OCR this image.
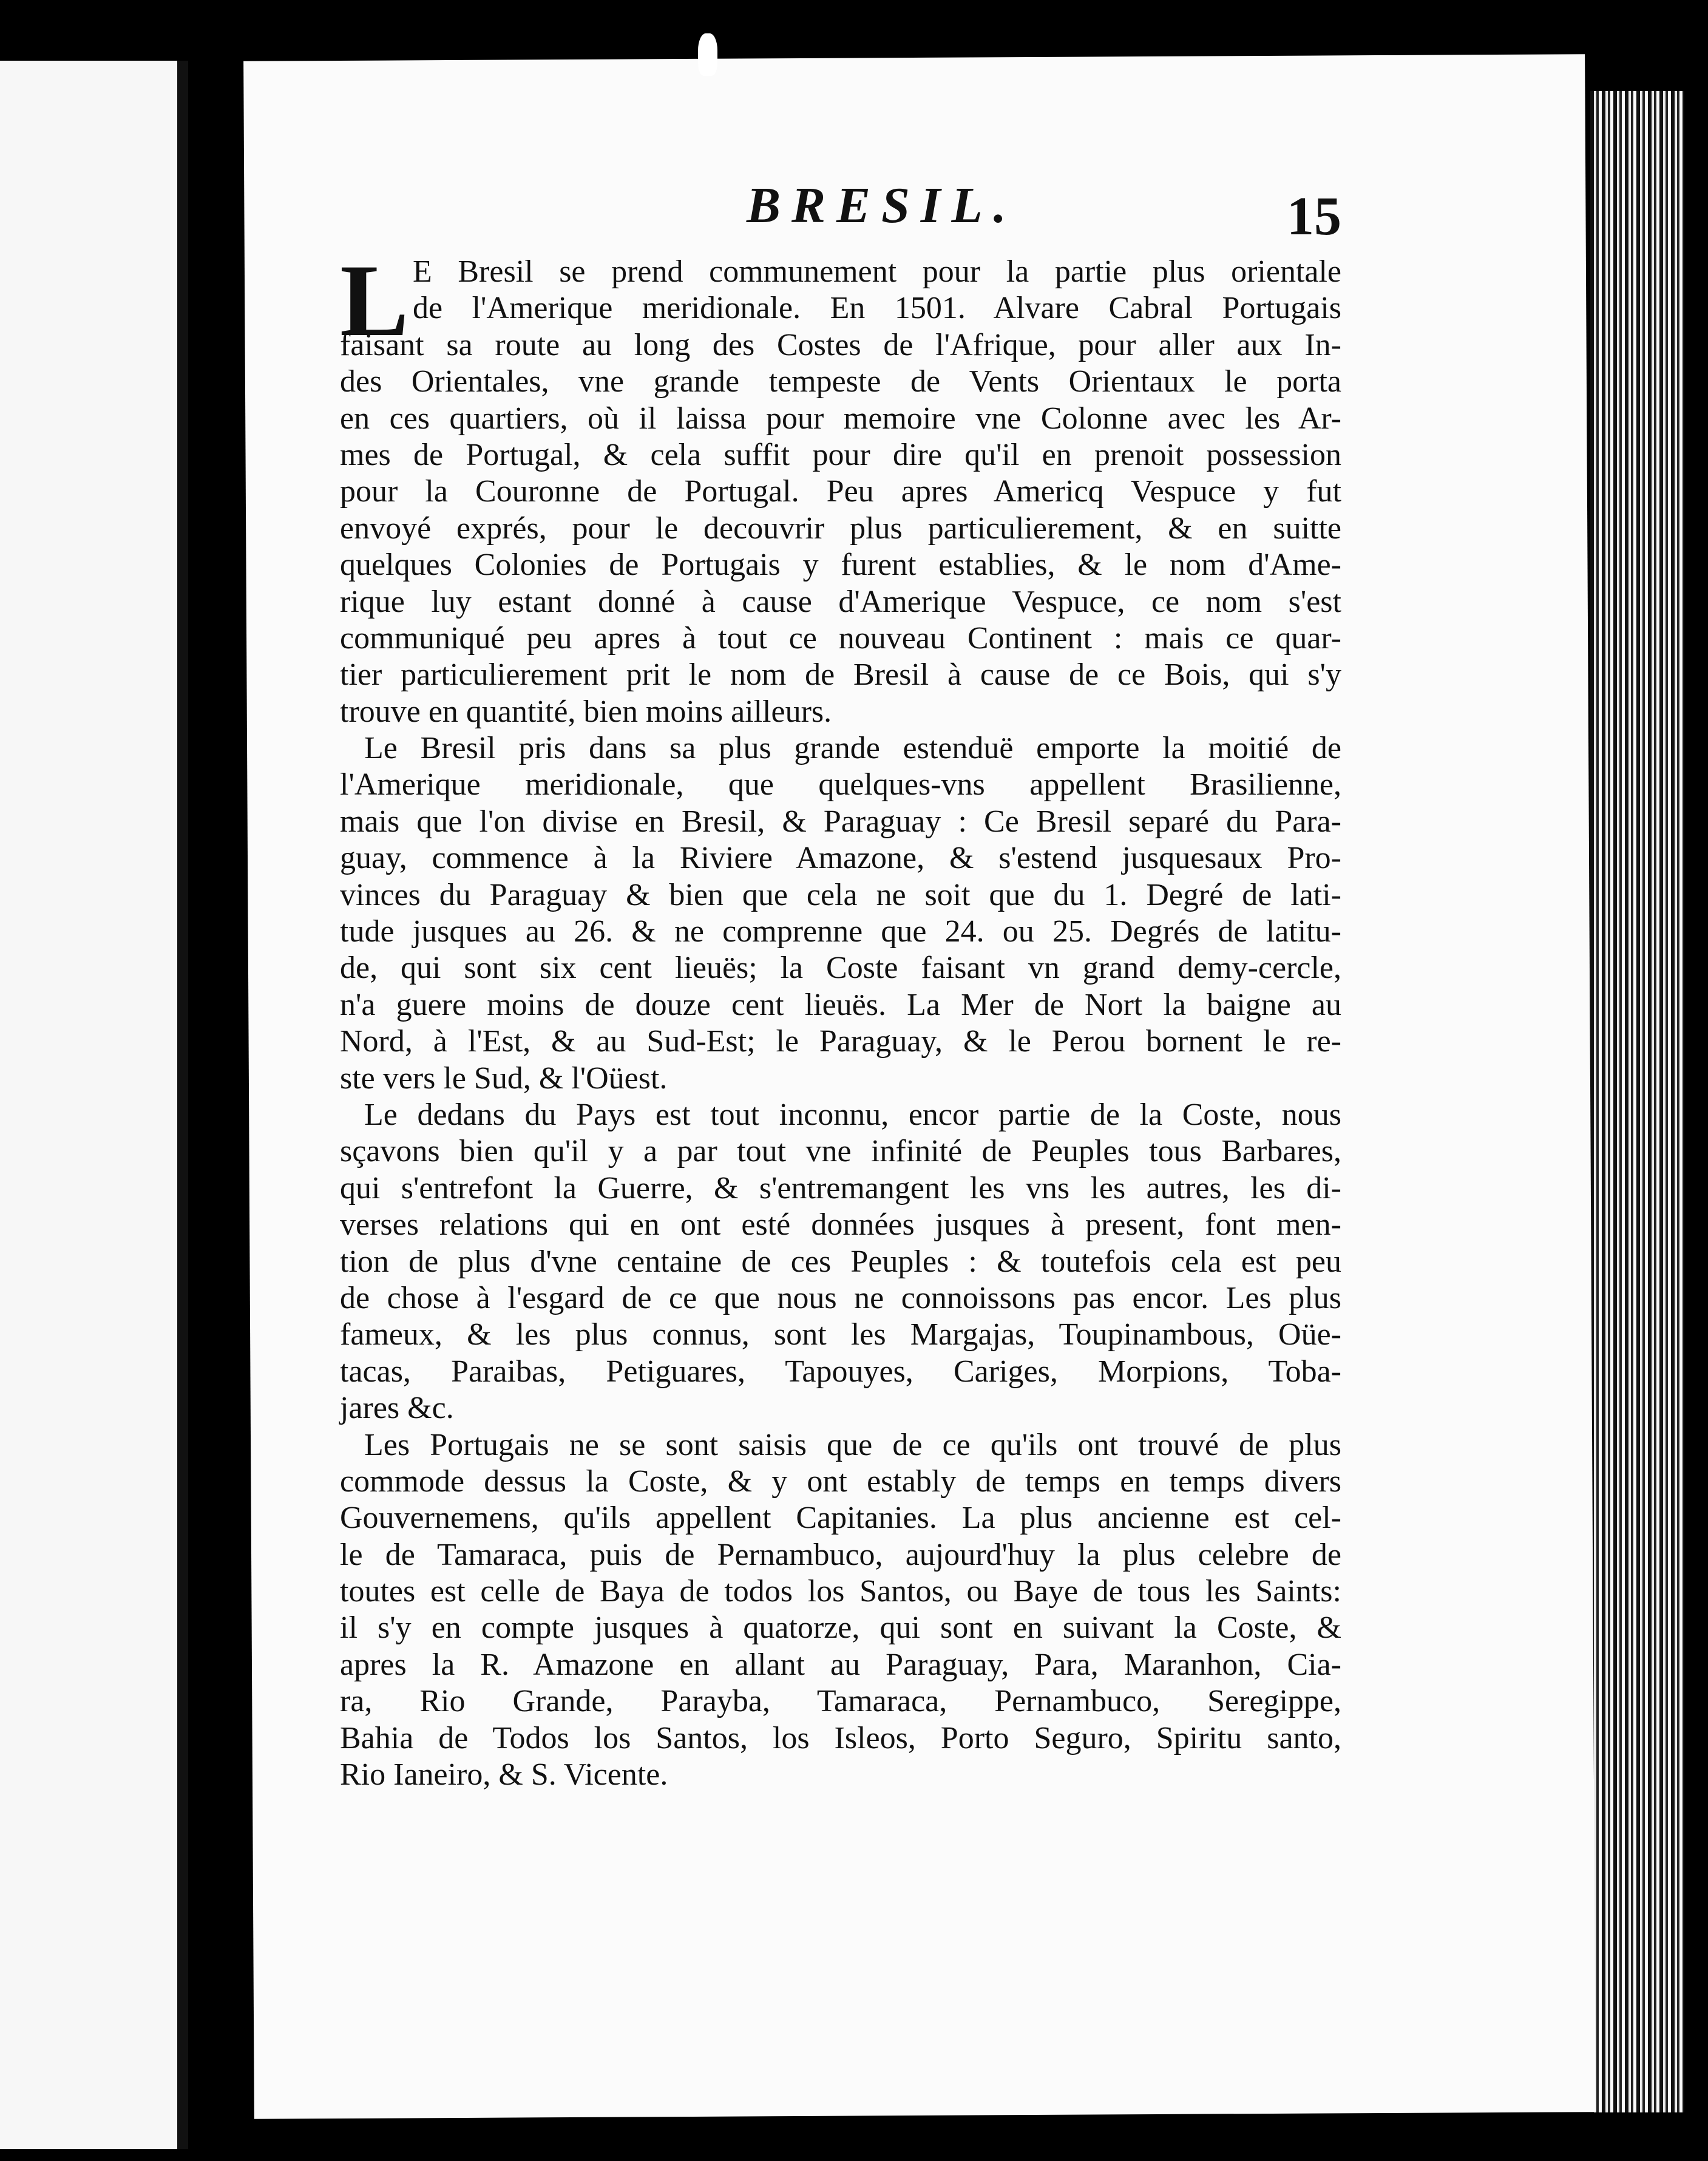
BRESIL.	15
L E Bresil se prend communement pour la partie plus orientale
de l'Amerique meridionale. En 1501. Alvare Cabral Portugais
faisant sa route au long des Costes de l'Afrique, pour aller aux In-
des Orientales, vne grande tempeste de Vents Orientaux le porta
en ces quartiers, où il laissa pour memoire vne Colonne avec les Ar-
mes de Portugal, & cela suffit pour dire qu'il en prenoit possession
pour la Couronne de Portugal. Peu apres Americq Vespuce y fut
envoyé exprés, pour le decouvrir plus particulierement, & en suitte
quelques Colonies de Portugais y furent establies, & le nom d'Ame-
rique luy estant donné à cause d'Amerique Vespuce, ce nom s'est
communiqué peu apres à tout ce nouveau Continent : mais ce quar-
tier particulierement prit le nom de Bresil à cause de ce Bois, qui s'y
trouve en quantité, bien moins ailleurs.
Le Bresil pris dans sa plus grande estenduë emporte la moitié de
l'Amerique meridionale, que quelques-vns appellent Brasilienne,
mais que l'on divise en Bresil, & Paraguay : Ce Bresil separé du Para-
guay, commence à la Riviere Amazone, & s'estend jusquesaux Pro-
vinces du Paraguay & bien que cela ne soit que du 1. Degré de lati-
tude jusques au 26. & ne comprenne que 24. ou 25. Degrés de latitu-
de, qui sont six cent lieuës; la Coste faisant vn grand demy-cercle,
n'a guere moins de douze cent lieuës. La Mer de Nort la baigne au
Nord, à l'Est, & au Sud-Est; le Paraguay, & le Perou bornent le re-
ste vers le Sud, & l'Oüest.
Le dedans du Pays est tout inconnu, encor partie de la Coste, nous
sçavons bien qu'il y a par tout vne infinité de Peuples tous Barbares,
qui s'entrefont la Guerre, & s'entremangent les vns les autres, les di-
verses relations qui en ont esté données jusques à present, font men-
tion de plus d'vne centaine de ces Peuples : & toutefois cela est peu
de chose à l'esgard de ce que nous ne connoissons pas encor. Les plus
fameux, & les plus connus, sont les Margajas, Toupinambous, Oüe-
tacas, Paraibas, Petiguares, Tapouyes, Cariges, Morpions, Toba-
jares &c.
Les Portugais ne se sont saisis que de ce qu'ils ont trouvé de plus
commode dessus la Coste, & y ont estably de temps en temps divers
Gouvernemens, qu'ils appellent Capitanies. La plus ancienne est cel-
le de Tamaraca, puis de Pernambuco, aujourd'huy la plus celebre de
toutes est celle de Baya de todos los Santos, ou Baye de tous les Saints:
il s'y en compte jusques à quatorze, qui sont en suivant la Coste, &
apres la R. Amazone en allant au Paraguay, Para, Maranhon, Cia-
ra, Rio Grande, Parayba, Tamaraca, Pernambuco, Seregippe,
Bahia de Todos los Santos, los Isleos, Porto Seguro, Spiritu santo,
Rio Ianeiro, & S. Vicente.
